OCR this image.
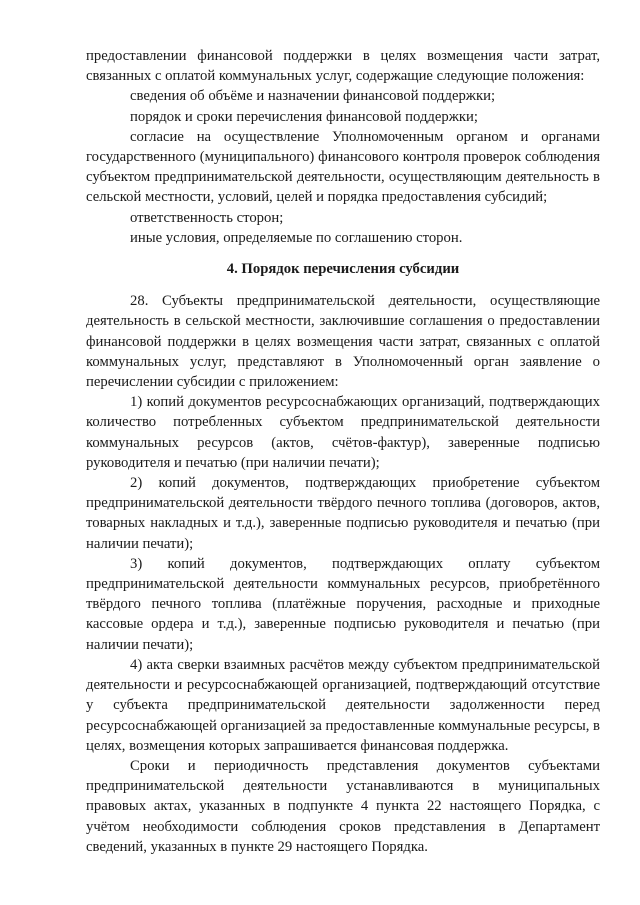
предоставлении финансовой поддержки в целях возмещения части затрат, связанных с оплатой коммунальных услуг, содержащие следующие положения:

сведения об объёме и назначении финансовой поддержки;

порядок и сроки перечисления финансовой поддержки;

согласие на осуществление Уполномоченным органом и органами государственного (муниципального) финансового контроля проверок соблюдения субъектом предпринимательской деятельности, осуществляющим деятельность в сельской местности, условий, целей и порядка предоставления субсидий;

ответственность сторон;

иные условия, определяемые по соглашению сторон.

4. Порядок перечисления субсидии

28. Субъекты предпринимательской деятельности, осуществляющие деятельность в сельской местности, заключившие соглашения о предоставлении финансовой поддержки в целях возмещения части затрат, связанных с оплатой коммунальных услуг, представляют в Уполномоченный орган заявление о перечислении субсидии с приложением:

1) копий документов ресурсоснабжающих организаций, подтверждающих количество потребленных субъектом предпринимательской деятельности коммунальных ресурсов (актов, счётов-фактур), заверенные подписью руководителя и печатью (при наличии печати);

2) копий документов, подтверждающих приобретение субъектом предпринимательской деятельности твёрдого печного топлива (договоров, актов, товарных накладных и т.д.), заверенные подписью руководителя и печатью (при наличии печати);

3) копий документов, подтверждающих оплату субъектом предпринимательской деятельности коммунальных ресурсов, приобретённого твёрдого печного топлива (платёжные поручения, расходные и приходные кассовые ордера и т.д.), заверенные подписью руководителя и печатью (при наличии печати);

4) акта сверки взаимных расчётов между субъектом предпринимательской деятельности и ресурсоснабжающей организацией, подтверждающий отсутствие у субъекта предпринимательской деятельности задолженности перед ресурсоснабжающей организацией за предоставленные коммунальные ресурсы, в целях, возмещения которых запрашивается финансовая поддержка.

Сроки и периодичность представления документов субъектами предпринимательской деятельности устанавливаются в муниципальных правовых актах, указанных в подпункте 4 пункта 22 настоящего Порядка, с учётом необходимости соблюдения сроков представления в Департамент сведений, указанных в пункте 29 настоящего Порядка.
